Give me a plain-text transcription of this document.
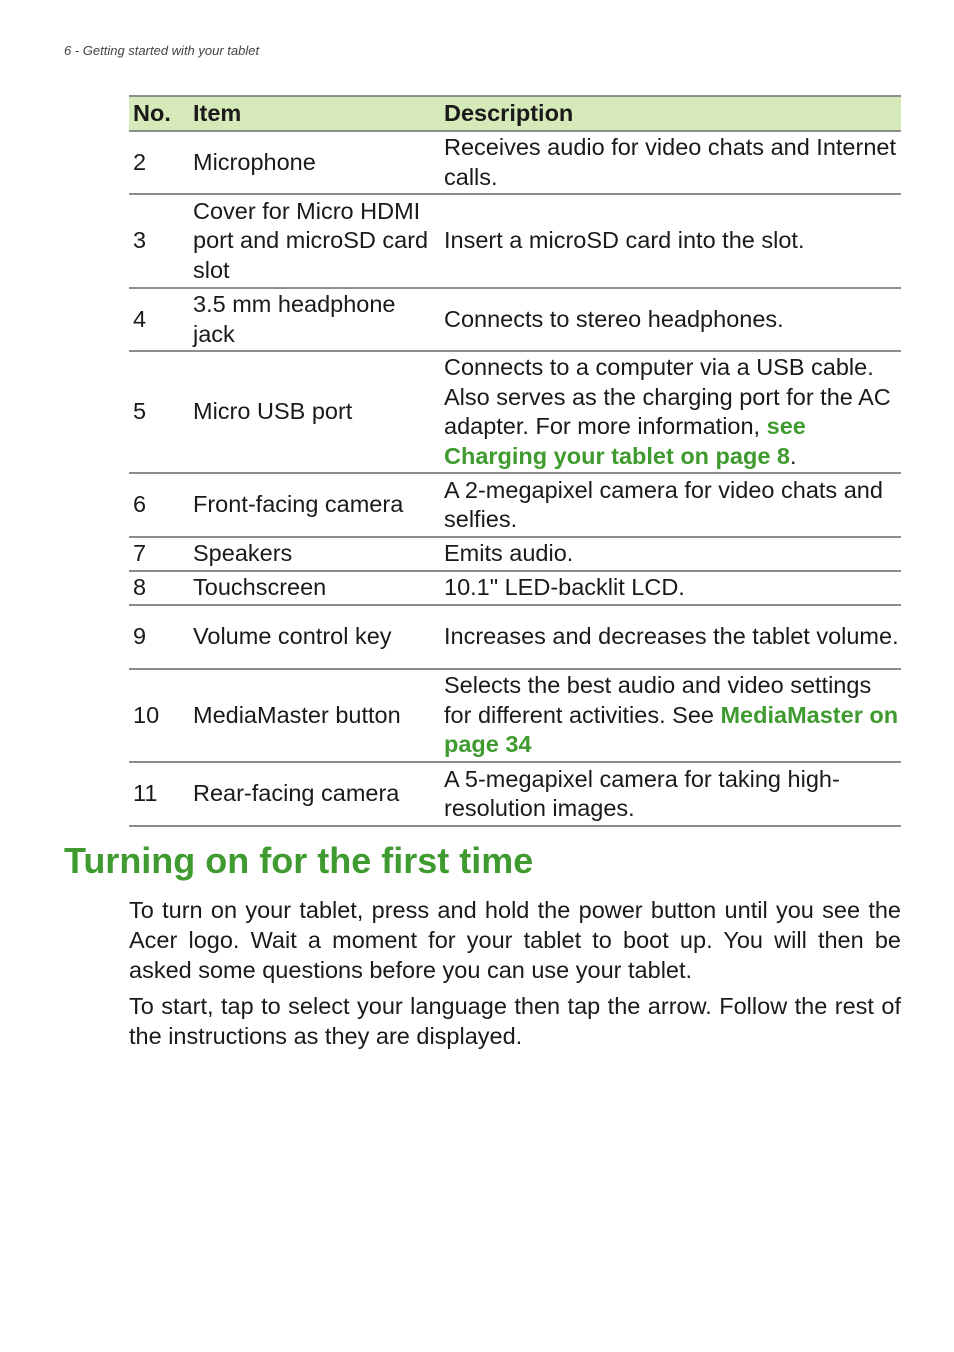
6 - Getting started with your tablet
No.	Item	Description
2	Microphone	Receives audio for video chats and Internet calls.
3	Cover for Micro HDMI port and microSD card slot	Insert a microSD card into the slot.
4	3.5 mm headphone jack	Connects to stereo headphones.
5	Micro USB port	Connects to a computer via a USB cable. Also serves as the charging port for the AC adapter. For more information, see Charging your tablet on page 8.
6	Front-facing camera	A 2-megapixel camera for video chats and selfies.
7	Speakers	Emits audio.
8	Touchscreen	10.1" LED-backlit LCD.
9	Volume control key	Increases and decreases the tablet volume.
10	MediaMaster button	Selects the best audio and video settings for different activities. See MediaMaster on page 34
11	Rear-facing camera	A 5-megapixel camera for taking high-resolution images.
Turning on for the first time

To turn on your tablet, press and hold the power button until you see the Acer logo. Wait a moment for your tablet to boot up. You will then be asked some questions before you can use your tablet.

To start, tap to select your language then tap the arrow. Follow the rest of the instructions as they are displayed.
